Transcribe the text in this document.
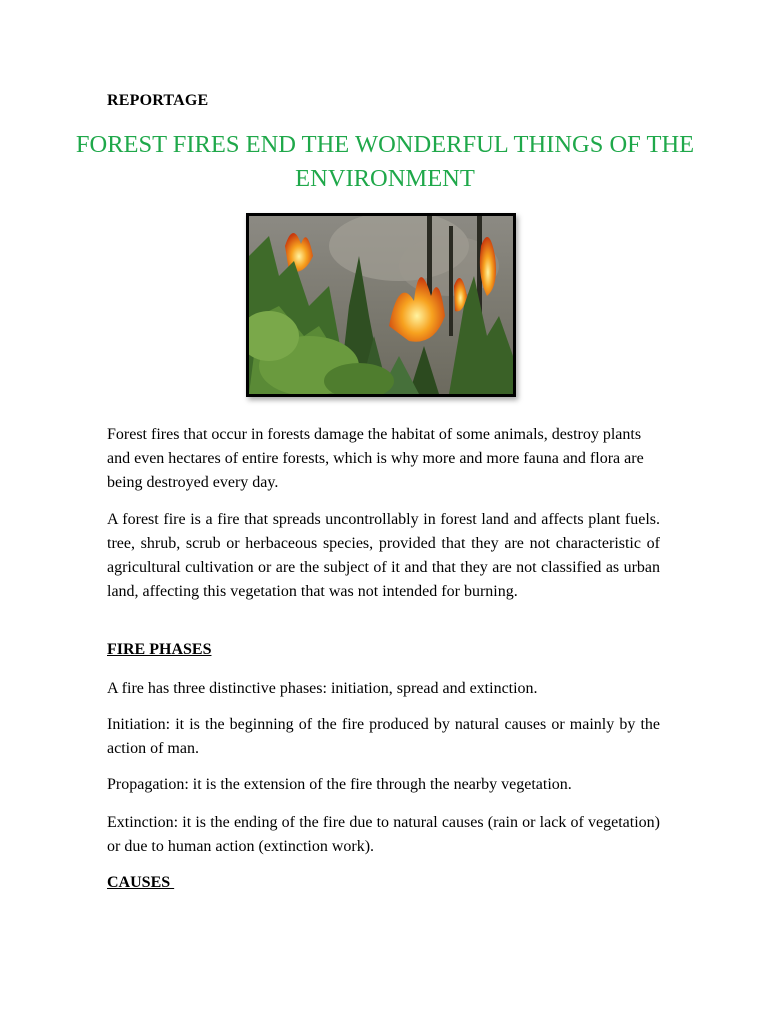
REPORTAGE
FOREST FIRES END THE WONDERFUL THINGS OF THE ENVIRONMENT

Forest fires that occur in forests damage the habitat of some animals, destroy plants and even hectares of entire forests, which is why more and more fauna and flora are being destroyed every day.

A forest fire is a fire that spreads uncontrollably in forest land and affects plant fuels. tree, shrub, scrub or herbaceous species, provided that they are not characteristic of agricultural cultivation or are the subject of it and that they are not classified as urban land, affecting this vegetation that was not intended for burning.

FIRE PHASES

A fire has three distinctive phases: initiation, spread and extinction.

Initiation: it is the beginning of the fire produced by natural causes or mainly by the action of man.

Propagation: it is the extension of the fire through the nearby vegetation.

Extinction: it is the ending of the fire due to natural causes (rain or lack of vegetation) or due to human action (extinction work).

CAUSES
